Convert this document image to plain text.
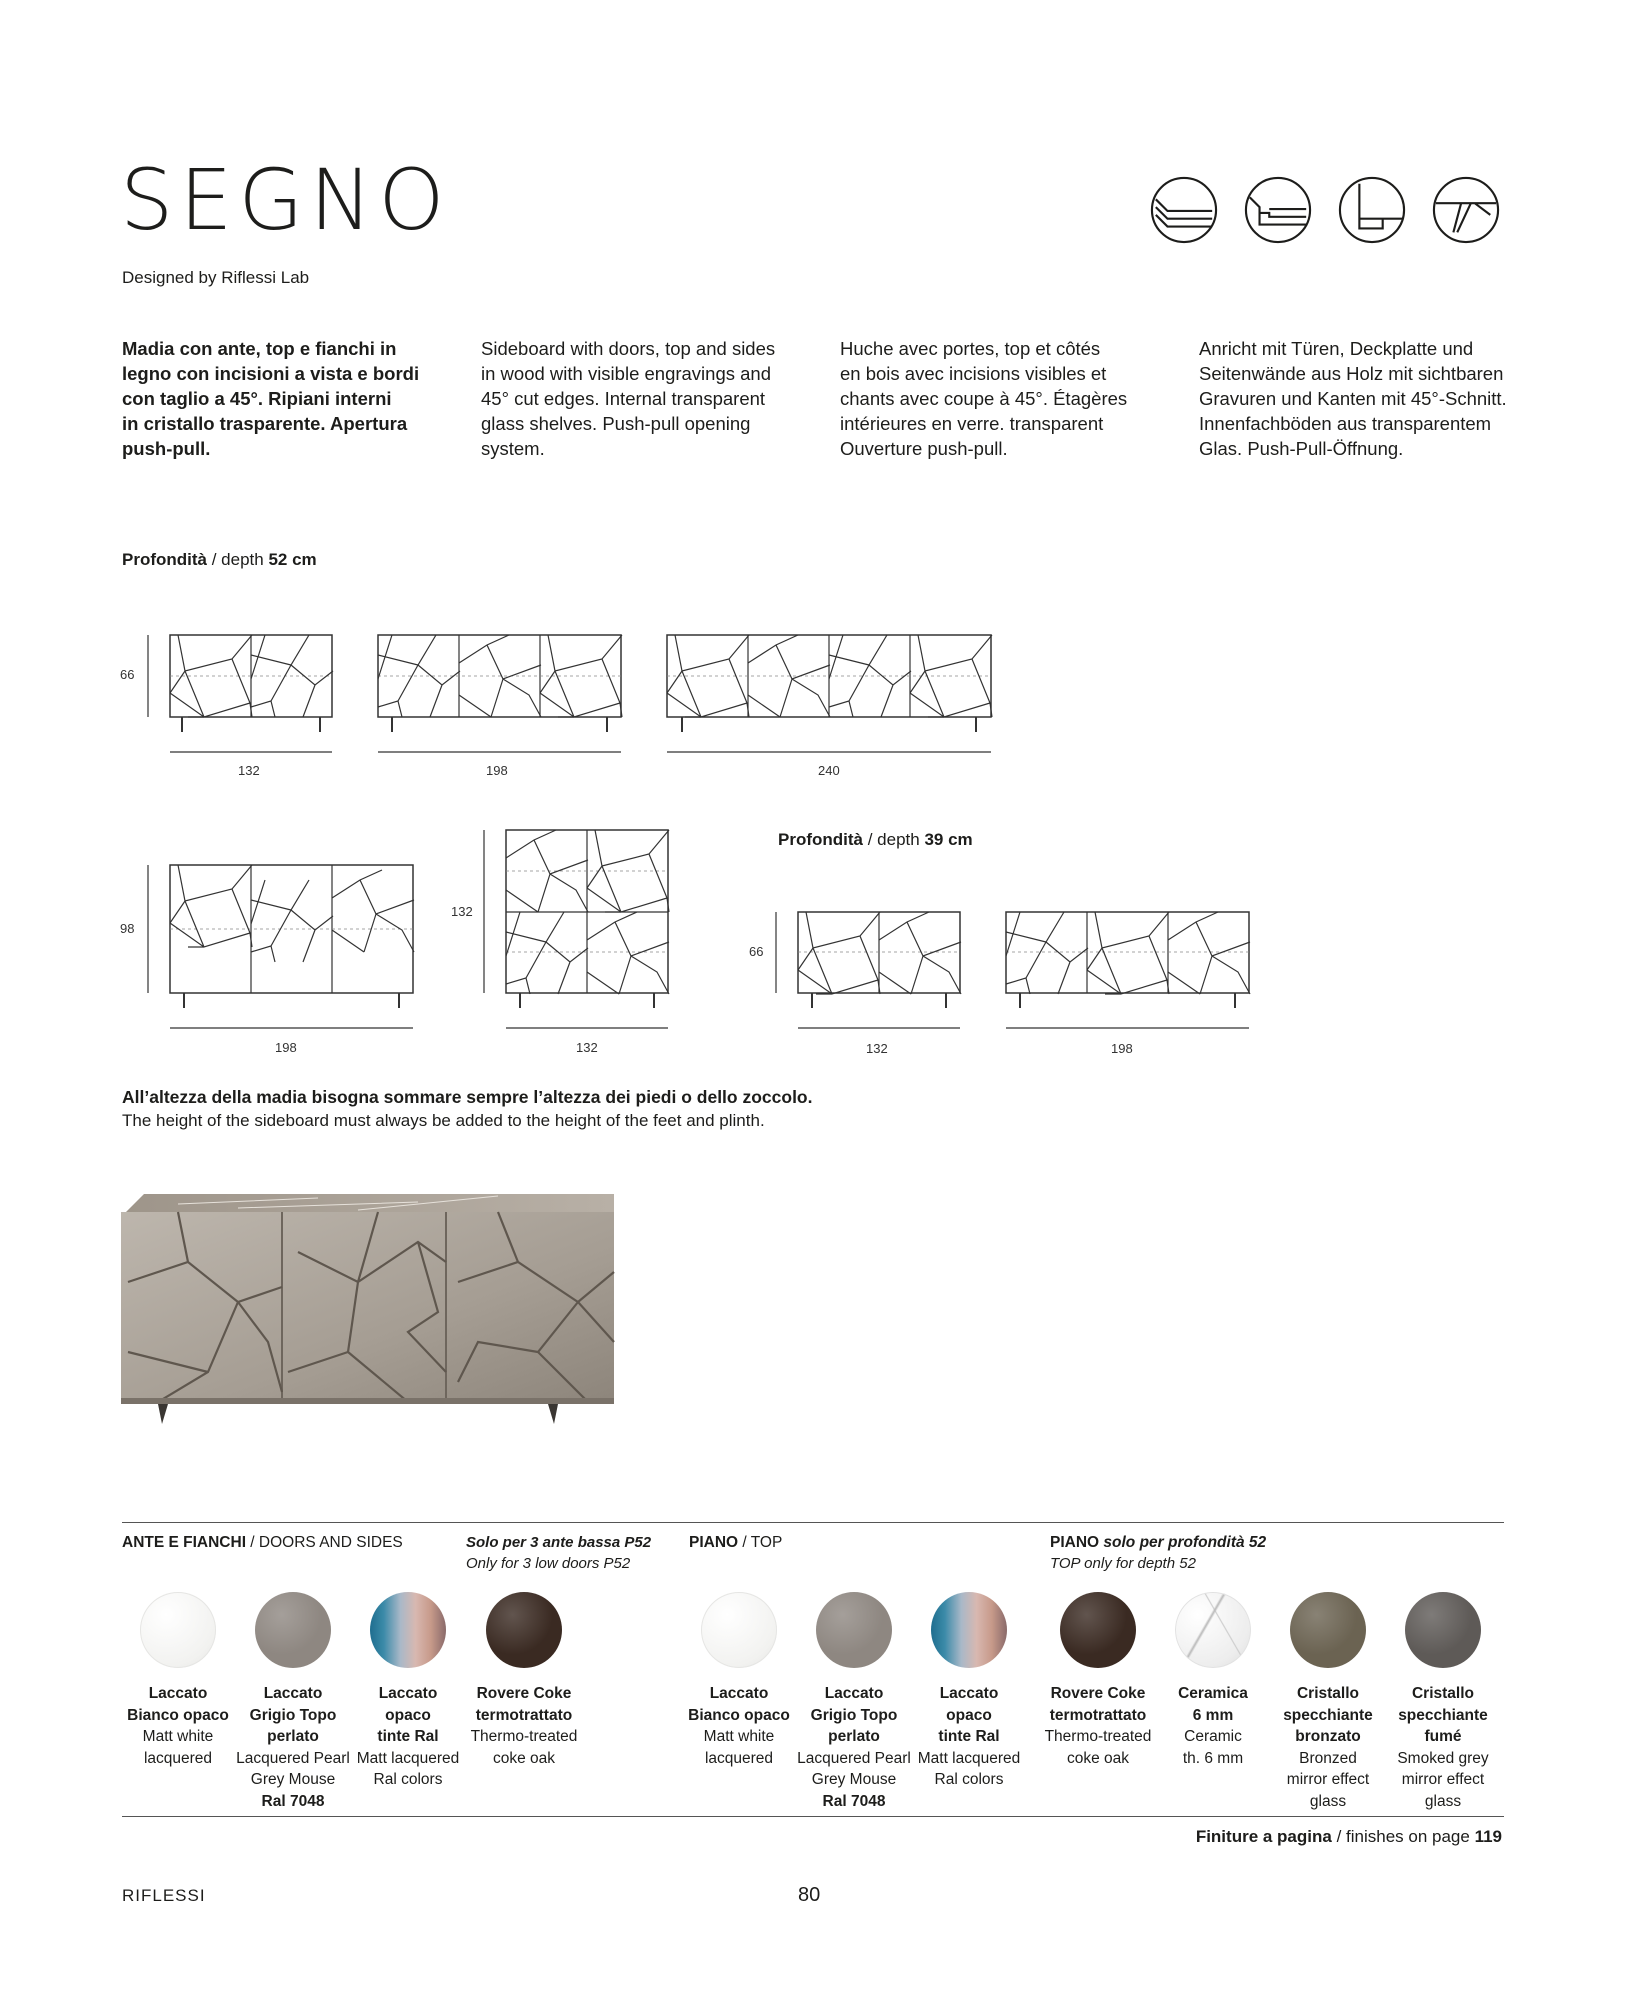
SEGNO
Designed by Riflessi Lab
Madia con ante, top e fianchi in
legno con incisioni a vista e bordi
con taglio a 45°. Ripiani interni
in cristallo trasparente. Apertura
push-pull.
Sideboard with doors, top and sides
in wood with visible engravings and
45° cut edges. Internal transparent
glass shelves. Push-pull opening
system.
Huche avec portes, top et côtés
en bois avec incisions visibles et
chants avec coupe à 45°. Étagères
intérieures en verre. transparent
Ouverture push-pull.
Anricht mit Türen, Deckplatte und
Seitenwände aus Holz mit sichtbaren
Gravuren und Kanten mit 45°-Schnitt.
Innenfachböden aus transparentem
Glas. Push-Pull-Öffnung.
Profondità / depth 52 cm
66
132	198	240
98
132
198	132
Profondità / depth 39 cm
66
132	198
All’altezza della madia bisogna sommare sempre l’altezza dei piedi o dello zoccolo.
The height of the sideboard must always be added to the height of the feet and plinth.
ANTE E FIANCHI / DOORS AND SIDES	Solo per 3 ante bassa P52
Only for 3 low doors P52
PIANO / TOP	PIANO solo per profondità 52
TOP only for depth 52
Laccato
Bianco opaco
Matt white
lacquered
Laccato
Grigio Topo
perlato
Lacquered Pearl
Grey Mouse
Ral 7048
Laccato
opaco
tinte Ral
Matt lacquered
Ral colors
Rovere Coke
termotrattato
Thermo-treated
coke oak
Laccato
Bianco opaco
Matt white
lacquered
Laccato
Grigio Topo
perlato
Lacquered Pearl
Grey Mouse
Ral 7048
Laccato
opaco
tinte Ral
Matt lacquered
Ral colors
Rovere Coke
termotrattato
Thermo-treated
coke oak
Ceramica
6 mm
Ceramic
th. 6 mm
Cristallo
specchiante
bronzato
Bronzed
mirror effect
glass
Cristallo
specchiante
fumé
Smoked grey
mirror effect
glass
Finiture a pagina / finishes on page 119
RIFLESSI	80
